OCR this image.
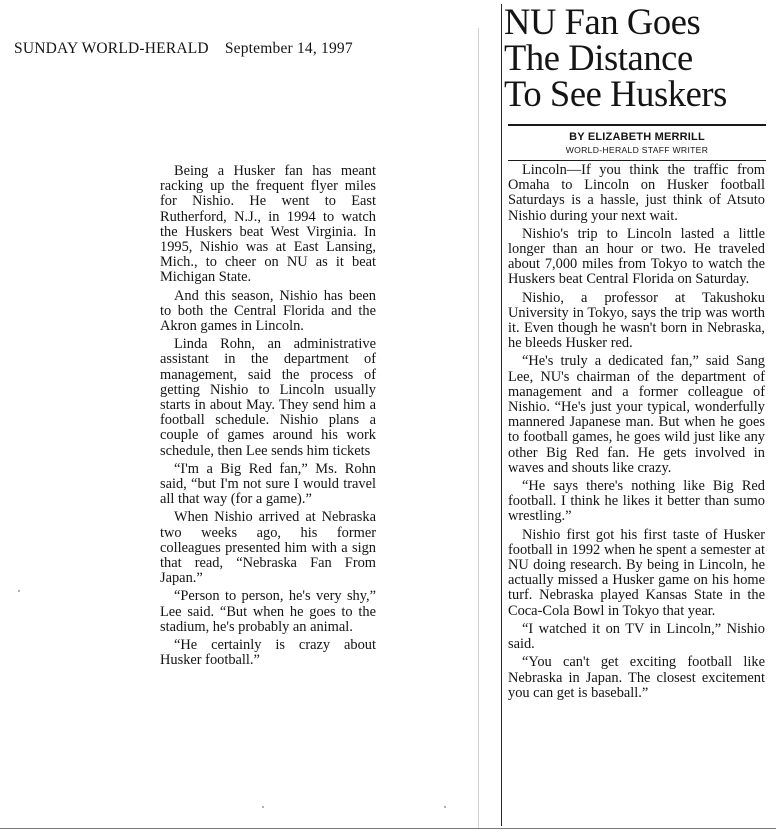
SUNDAY WORLD-HERALD September 14, 1997
NU Fan Goes
The Distance
To See Huskers
BY ELIZABETH MERRILL
WORLD-HERALD STAFF WRITER

Being a Husker fan has meant racking up the frequent flyer miles for Nishio. He went to East Rutherford, N.J., in 1994 to watch the Huskers beat West Virginia. In 1995, Nishio was at East Lansing, Mich., to cheer on NU as it beat Michigan State.

And this season, Nishio has been to both the Central Florida and the Akron games in Lincoln.

Linda Rohn, an administrative assistant in the department of management, said the process of getting Nishio to Lincoln usually starts in about May. They send him a football schedule. Nishio plans a couple of games around his work schedule, then Lee sends him tickets

“I'm a Big Red fan,” Ms. Rohn said, “but I'm not sure I would travel all that way (for a game).”

When Nishio arrived at Nebraska two weeks ago, his former colleagues presented him with a sign that read, “Nebraska Fan From Japan.”

“Person to person, he's very shy,” Lee said. “But when he goes to the stadium, he's probably an animal.

“He certainly is crazy about Husker football.”

Lincoln—If you think the traffic from Omaha to Lincoln on Husker football Saturdays is a hassle, just think of Atsuto Nishio during your next wait.

Nishio's trip to Lincoln lasted a little longer than an hour or two. He traveled about 7,000 miles from Tokyo to watch the Huskers beat Central Florida on Saturday.

Nishio, a professor at Takushoku University in Tokyo, says the trip was worth it. Even though he wasn't born in Nebraska, he bleeds Husker red.

“He's truly a dedicated fan,” said Sang Lee, NU's chairman of the department of management and a former colleague of Nishio. “He's just your typical, wonderfully mannered Japanese man. But when he goes to football games, he goes wild just like any other Big Red fan. He gets involved in waves and shouts like crazy.

“He says there's nothing like Big Red football. I think he likes it better than sumo wrestling.”

Nishio first got his first taste of Husker football in 1992 when he spent a semester at NU doing research. By being in Lincoln, he actually missed a Husker game on his home turf. Nebraska played Kansas State in the Coca-Cola Bowl in Tokyo that year.

“I watched it on TV in Lincoln,” Nishio said.

“You can't get exciting football like Nebraska in Japan. The closest excitement you can get is baseball.”
